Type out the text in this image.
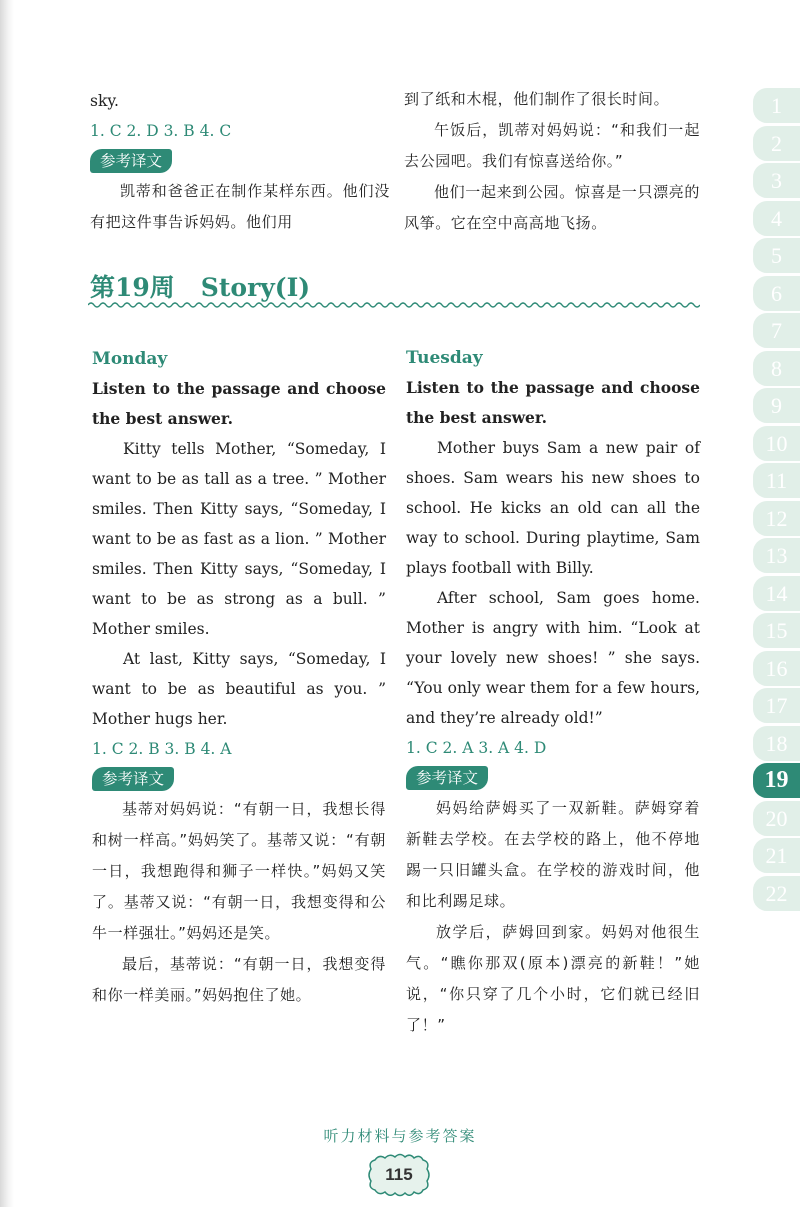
sky.

1. C 2. D 3. B 4. C

参考译文

凯蒂和爸爸正在制作某样东西。他们没有把这件事告诉妈妈。他们用

到了纸和木棍，他们制作了很长时间。

午饭后，凯蒂对妈妈说：“和我们一起去公园吧。我们有惊喜送给你。”

他们一起来到公园。惊喜是一只漂亮的风筝。它在空中高高地飞扬。

第19周 Story(Ⅰ)

Monday

Listen to the passage and choose the best answer.

Kitty tells Mother, “Someday, I want to be as tall as a tree. ” Mother smiles. Then Kitty says, “Someday, I want to be as fast as a lion. ” Mother smiles. Then Kitty says, “Someday, I want to be as strong as a bull. ” Mother smiles.

At last, Kitty says, “Someday, I want to be as beautiful as you. ” Mother hugs her.

1. C 2. B 3. B 4. A

参考译文

基蒂对妈妈说：“有朝一日，我想长得和树一样高。”妈妈笑了。基蒂又说：“有朝一日，我想跑得和狮子一样快。”妈妈又笑了。基蒂又说：“有朝一日，我想变得和公牛一样强壮。”妈妈还是笑。

最后，基蒂说：“有朝一日，我想变得和你一样美丽。”妈妈抱住了她。

Tuesday

Listen to the passage and choose the best answer.

Mother buys Sam a new pair of shoes. Sam wears his new shoes to school. He kicks an old can all the way to school. During playtime, Sam plays football with Billy.

After school, Sam goes home. Mother is angry with him. “Look at your lovely new shoes! ” she says. “You only wear them for a few hours, and they’re already old!”

1. C 2. A 3. A 4. D

参考译文

妈妈给萨姆买了一双新鞋。萨姆穿着新鞋去学校。在去学校的路上，他不停地踢一只旧罐头盒。在学校的游戏时间，他和比利踢足球。

放学后，萨姆回到家。妈妈对他很生气。“瞧你那双(原本)漂亮的新鞋！”她说，“你只穿了几个小时，它们就已经旧了！”

1
2
3
4
5
6
7
8
9
10
11
12
13
14
15
16
17
18
19
20
21
22
听力材料与参考答案
115
